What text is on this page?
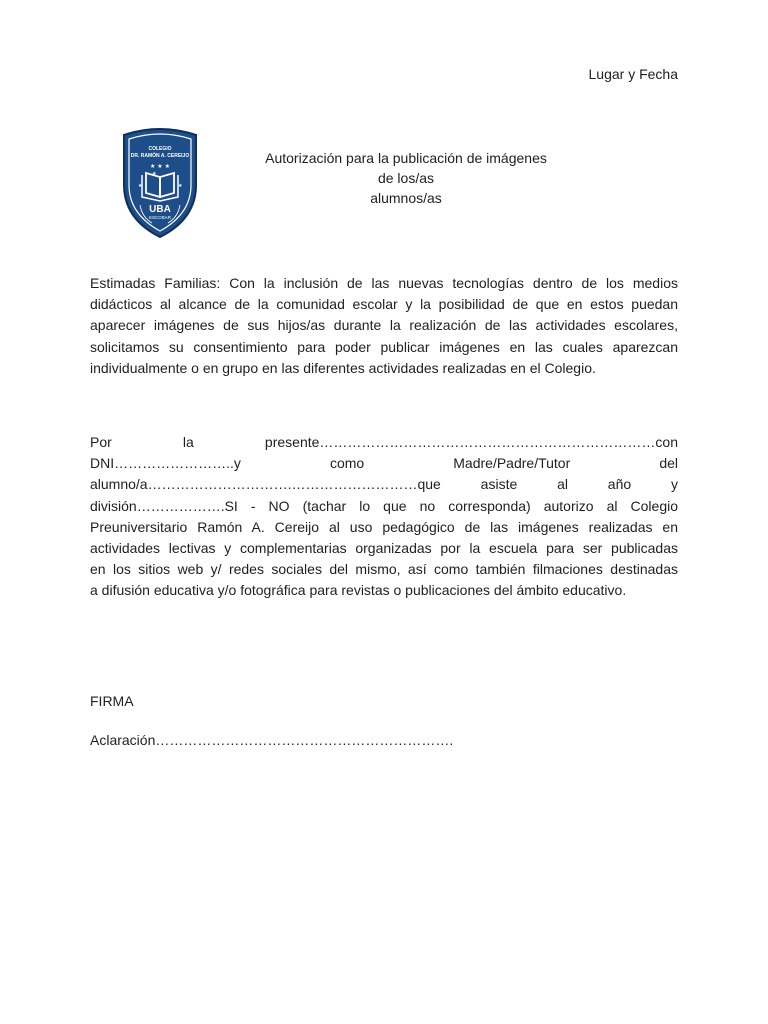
Lugar y Fecha
COLEGIO
DR. RAMÓN A. CEREIJO
★ ★ ★
★
★	★
UBA
ESCOBAR
Autorización para la publicación de imágenes de los/as
alumnos/as
Estimadas Familias: Con la inclusión de las nuevas tecnologías dentro de los medios didácticos al alcance de la comunidad escolar y la posibilidad de que en estos puedan aparecer imágenes de sus hijos/as durante la realización de las actividades escolares, solicitamos su consentimiento para poder publicar imágenes en las cuales aparezcan individualmente o en grupo en las diferentes actividades realizadas en el Colegio.
Por la presente………………………………………………………………con
DNI……………………..y como Madre/Padre/Tutor del
alumno/a………………………….………………………que asiste al año y
división……………….SI - NO (tachar lo que no corresponda) autorizo al Colegio
Preuniversitario Ramón A. Cereijo al uso pedagógico de las imágenes realizadas en
actividades lectivas y complementarias organizadas por la escuela para ser publicadas
en los sitios web y/ redes sociales del mismo, así como también filmaciones destinadas
a difusión educativa y/o fotográfica para revistas o publicaciones del ámbito educativo.
FIRMA
Aclaración……………………………………………………….
